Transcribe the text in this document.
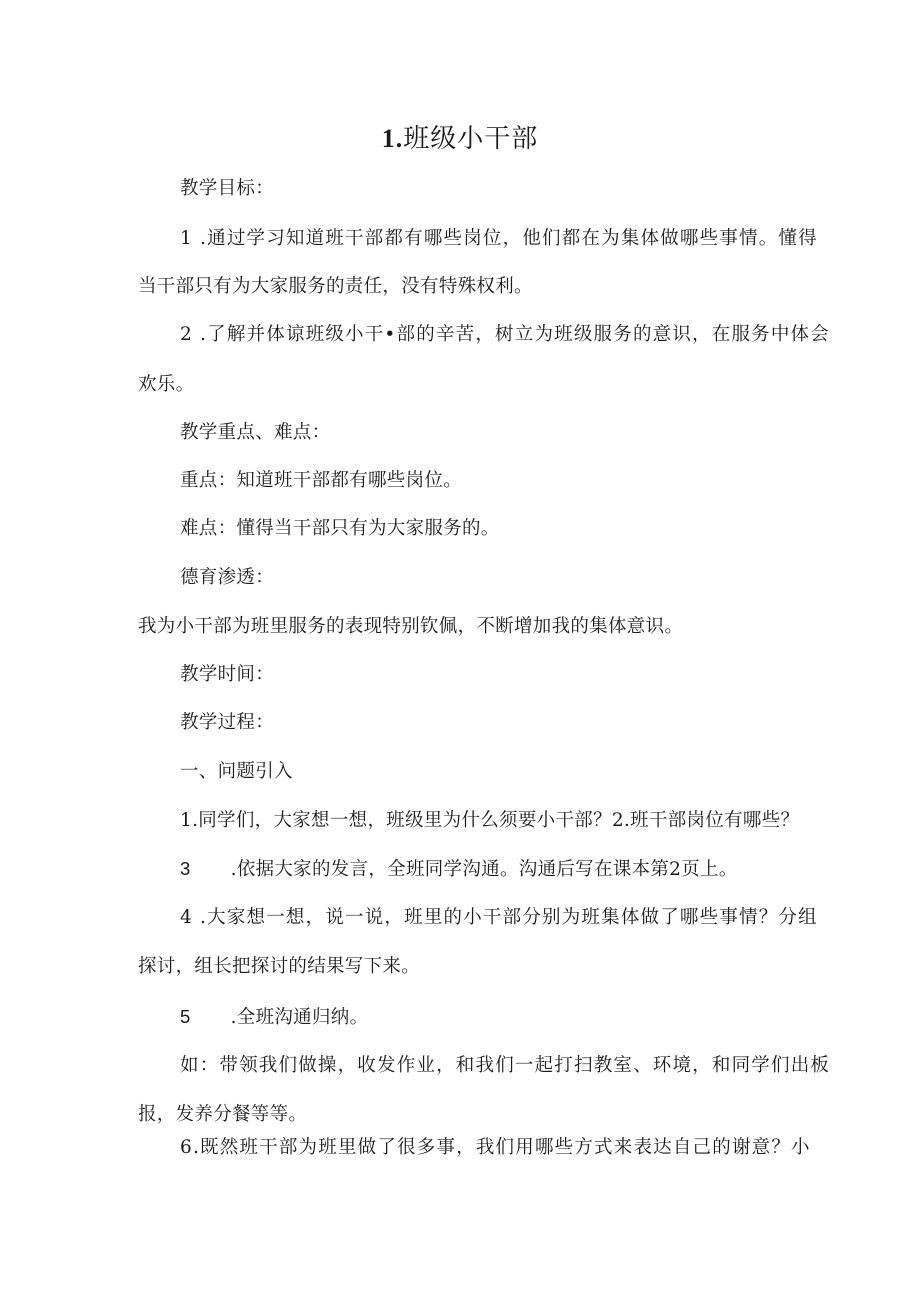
1.班级小干部
教学目标：
1 .通过学习知道班干部都有哪些岗位，他们都在为集体做哪些事情。懂得
当干部只有为大家服务的责任，没有特殊权利。
2 .了解并体谅班级小干•部的辛苦，树立为班级服务的意识，在服务中体会
欢乐。
教学重点、难点：
重点：知道班干部都有哪些岗位。
难点：懂得当干部只有为大家服务的。
德育渗透：
我为小干部为班里服务的表现特别钦佩，不断增加我的集体意识。
教学时间：
教学过程：
一、问题引入
1.同学们，大家想一想，班级里为什么须要小干部？2.班干部岗位有哪些？
3 .依据大家的发言，全班同学沟通。沟通后写在课本第2页上。
4 .大家想一想，说一说，班里的小干部分别为班集体做了哪些事情？分组
探讨，组长把探讨的结果写下来。
5 .全班沟通归纳。
如：带领我们做操，收发作业，和我们一起打扫教室、环境，和同学们出板
报，发养分餐等等。
6.既然班干部为班里做了很多事，我们用哪些方式来表达自己的谢意？小
